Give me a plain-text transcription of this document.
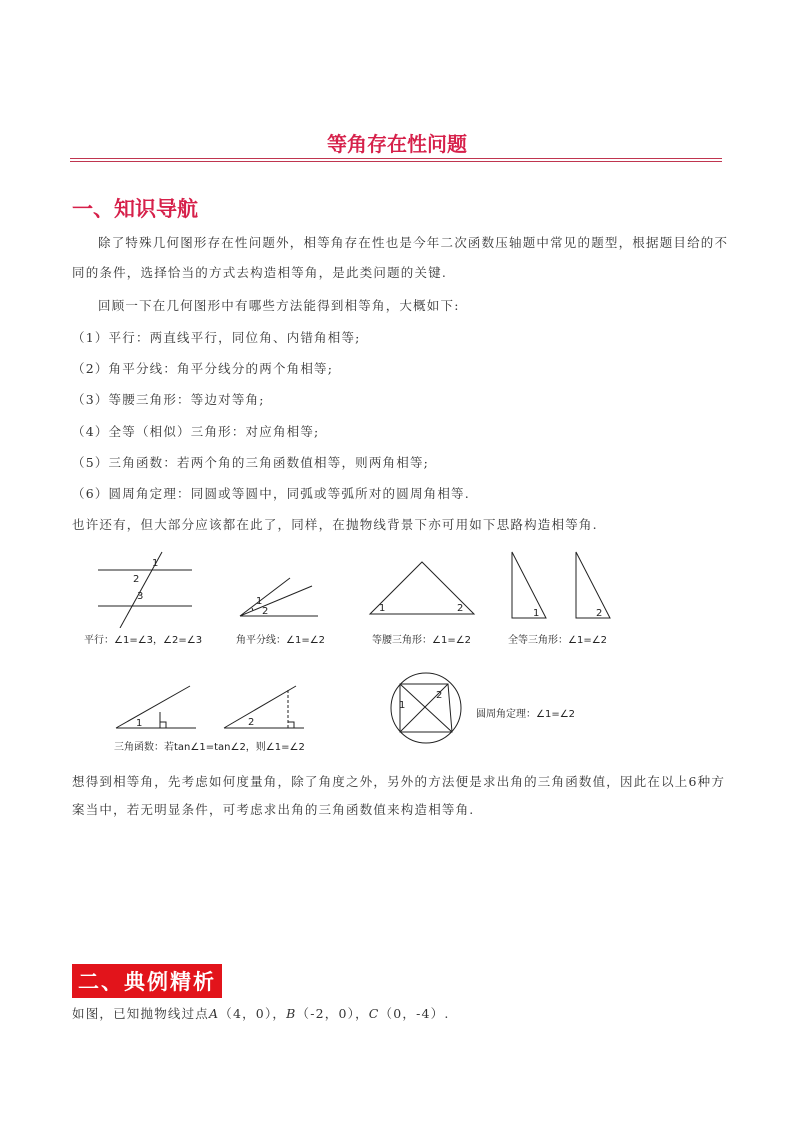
等角存在性问题
一、知识导航
除了特殊几何图形存在性问题外，相等角存在性也是今年二次函数压轴题中常见的题型，根据题目给的不同的条件，选择恰当的方式去构造相等角，是此类问题的关键.
回顾一下在几何图形中有哪些方法能得到相等角，大概如下:
（1）平行：两直线平行，同位角、内错角相等;
（2）角平分线：角平分线分的两个角相等;
（3）等腰三角形：等边对等角;
（4）全等（相似）三角形：对应角相等;
（5）三角函数：若两个角的三角函数值相等，则两角相等;
（6）圆周角定理：同圆或等圆中，同弧或等弧所对的圆周角相等.
也许还有，但大部分应该都在此了，同样，在抛物线背景下亦可用如下思路构造相等角.
1
2
3
平行：∠1=∠3，∠2=∠3
1
2
角平分线：∠1=∠2
1	2
等腰三角形：∠1=∠2
1	2
全等三角形：∠1=∠2
1	2
三角函数：若tan∠1=tan∠2，则∠1=∠2
1
2
圆周角定理：∠1=∠2
想得到相等角，先考虑如何度量角，除了角度之外，另外的方法便是求出角的三角函数值，因此在以上6种方案当中，若无明显条件，可考虑求出角的三角函数值来构造相等角.
二、典例精析
如图，已知抛物线过点A（4，0），B（-2，0），C（0，-4）.
